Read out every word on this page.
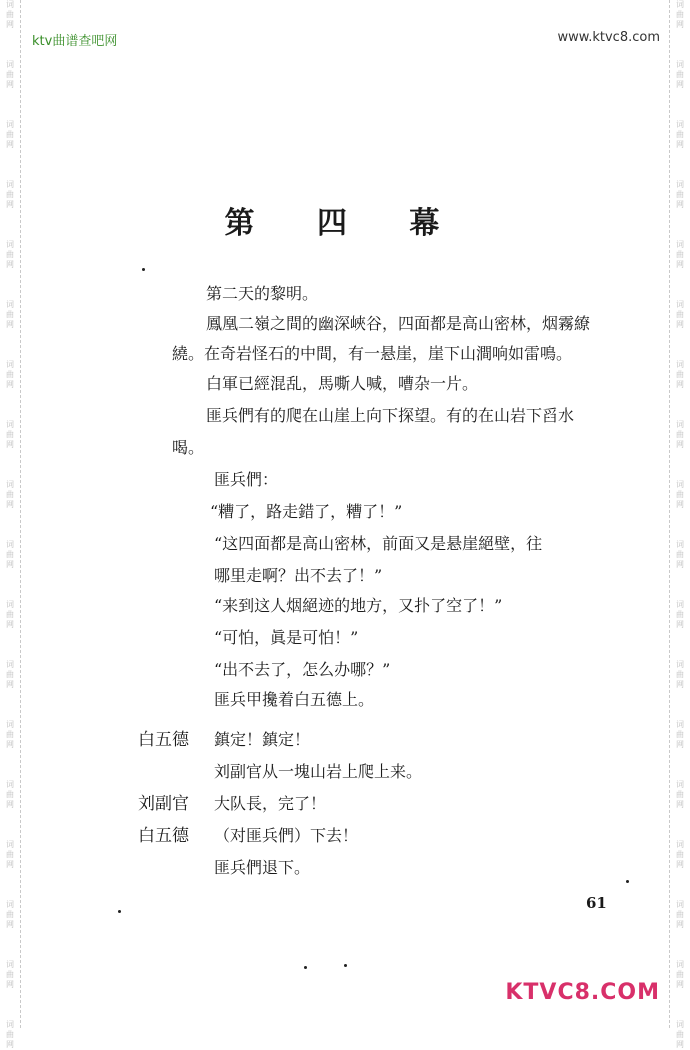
词
曲
网
词
曲
网
词
曲
网
词
曲
网
词
曲
网
词
曲
网
词
曲
网
词
曲
网
词
曲
网
词
曲
网
词
曲
网
词
曲
网
词
曲
网
词
曲
网
词
曲
网
词
曲
网
词
曲
网
词
曲
网
词
曲
网
词
曲
网
词
曲
网
词
曲
网
词
曲
网
词
曲
网
词
曲
网
词
曲
网
词
曲
网
词
曲
网
词
曲
网
词
曲
网
词
曲
网
词
曲
网
词
曲
网
词
曲
网
词
曲
网
词
曲
网
ktv曲谱查吧网	www.ktvc8.com
第 四 幕
第二天的黎明。
鳳凰二嶺之間的幽深峽谷，四面都是高山密林，烟霧繚
繞。在奇岩怪石的中間，有一悬崖，崖下山澗响如雷鳴。
白軍已經混乱，馬嘶人喊，嘈杂一片。
匪兵們有的爬在山崖上向下探望。有的在山岩下舀水
喝。
匪兵們：
“糟了，路走錯了，糟了！”
“这四面都是高山密林，前面又是悬崖絕壁，往
哪里走啊？出不去了！”
“来到这人烟絕迹的地方，又扑了空了！”
“可怕，眞是可怕！”
“出不去了，怎么办哪？”
匪兵甲攙着白五德上。
白五德 鎮定！鎮定！
刘副官从一塊山岩上爬上来。
刘副官 大队長，完了！
白五德 （对匪兵們）下去！
匪兵們退下。
61
KTVC8.COM
